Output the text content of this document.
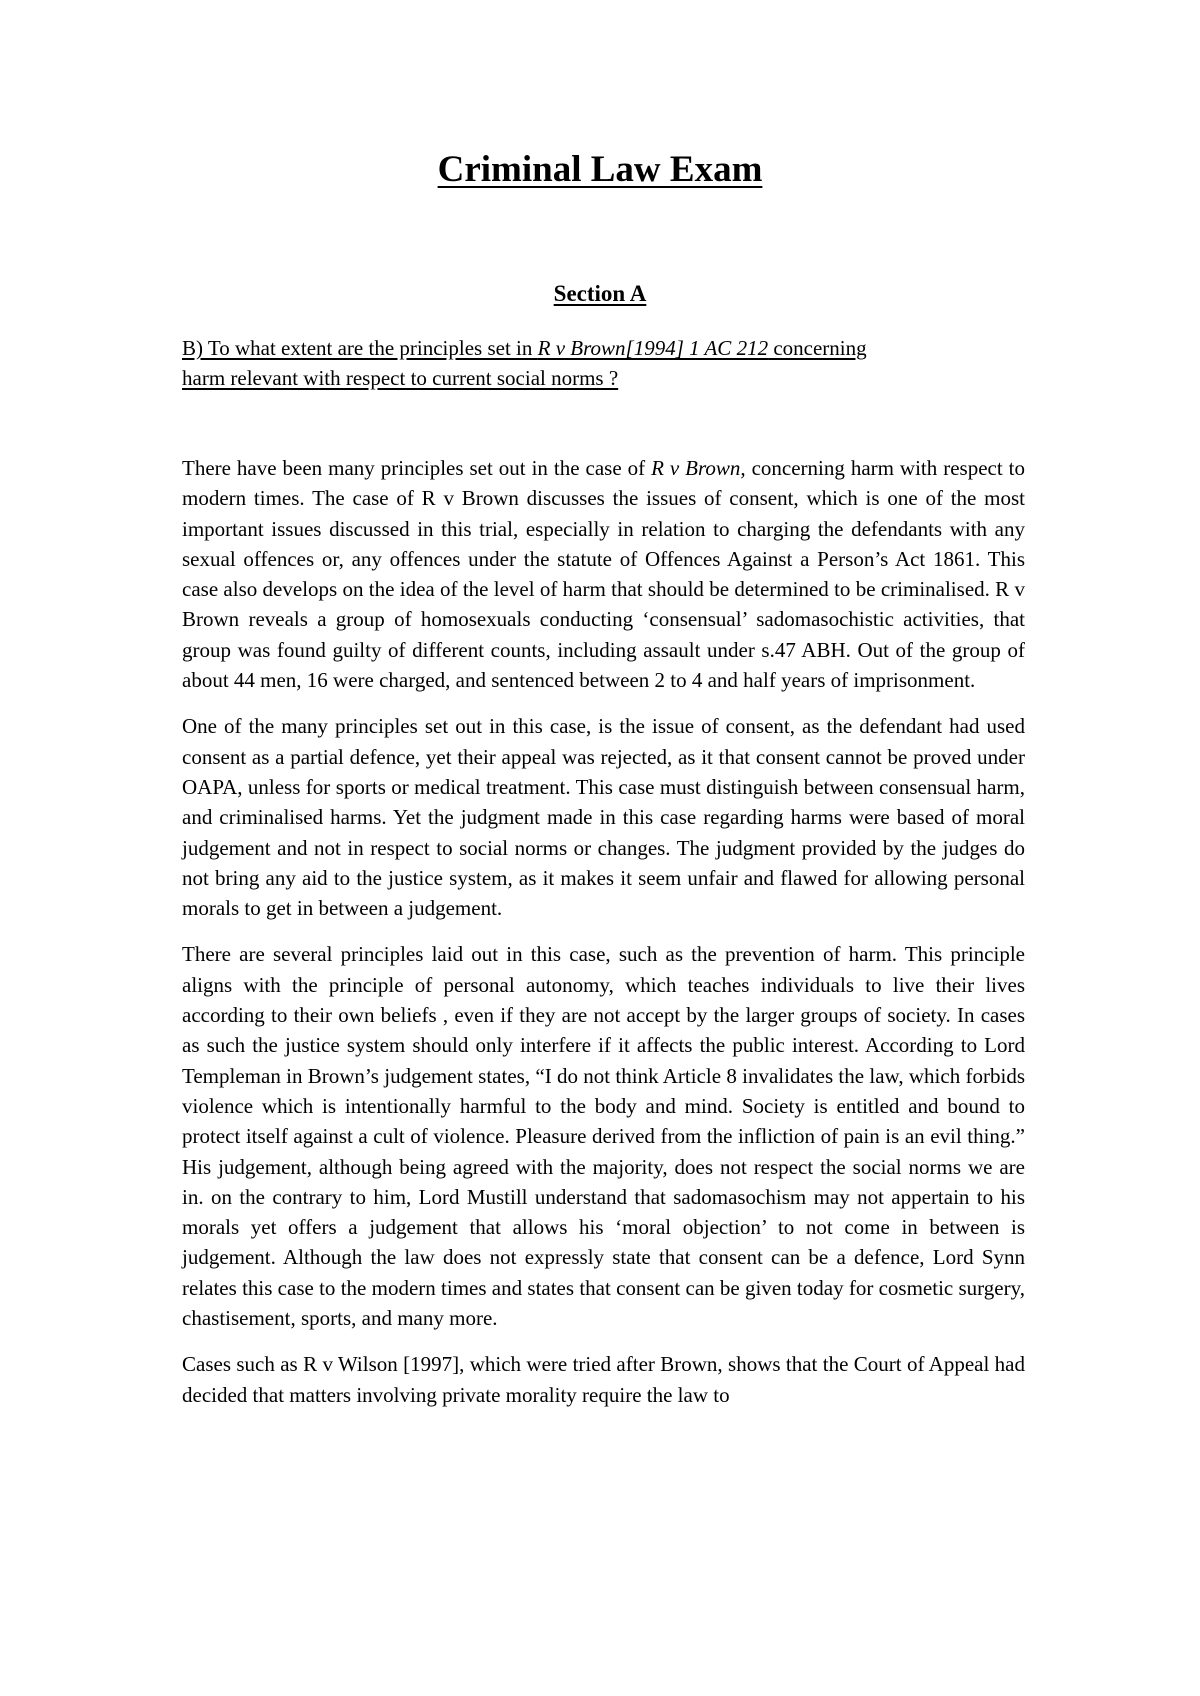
Criminal Law Exam
Section A
B) To what extent are the principles set in R v Brown[1994] 1 AC 212 concerning
harm relevant with respect to current social norms ?

There have been many principles set out in the case of R v Brown, concerning harm with respect to modern times. The case of R v Brown discusses the issues of consent, which is one of the most important issues discussed in this trial, especially in relation to charging the defendants with any sexual offences or, any offences under the statute of Offences Against a Person’s Act 1861. This case also develops on the idea of the level of harm that should be determined to be criminalised. R v Brown reveals a group of homosexuals conducting ‘consensual’ sadomasochistic activities, that group was found guilty of different counts, including assault under s.47 ABH. Out of the group of about 44 men, 16 were charged, and sentenced between 2 to 4 and half years of imprisonment.

One of the many principles set out in this case, is the issue of consent, as the defendant had used consent as a partial defence, yet their appeal was rejected, as it that consent cannot be proved under OAPA, unless for sports or medical treatment. This case must distinguish between consensual harm, and criminalised harms. Yet the judgment made in this case regarding harms were based of moral judgement and not in respect to social norms or changes. The judgment provided by the judges do not bring any aid to the justice system, as it makes it seem unfair and flawed for allowing personal morals to get in between a judgement.

There are several principles laid out in this case, such as the prevention of harm. This principle aligns with the principle of personal autonomy, which teaches individuals to live their lives according to their own beliefs , even if they are not accept by the larger groups of society. In cases as such the justice system should only interfere if it affects the public interest. According to Lord Templeman in Brown’s judgement states, “I do not think Article 8 invalidates the law, which forbids violence which is intentionally harmful to the body and mind. Society is entitled and bound to protect itself against a cult of violence. Pleasure derived from the infliction of pain is an evil thing.” His judgement, although being agreed with the majority, does not respect the social norms we are in. on the contrary to him, Lord Mustill understand that sadomasochism may not appertain to his morals yet offers a judgement that allows his ‘moral objection’ to not come in between is judgement. Although the law does not expressly state that consent can be a defence, Lord Synn relates this case to the modern times and states that consent can be given today for cosmetic surgery, chastisement, sports, and many more.

Cases such as R v Wilson [1997], which were tried after Brown, shows that the Court of Appeal had decided that matters involving private morality require the law to
